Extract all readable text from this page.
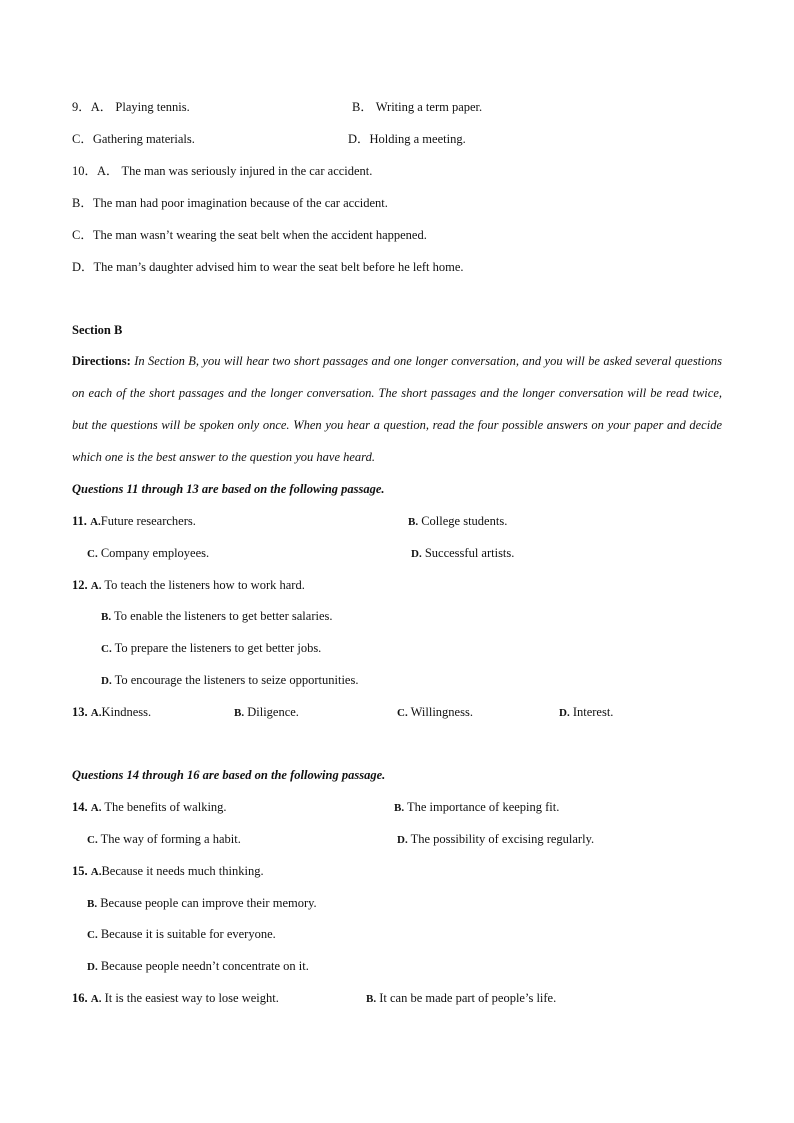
9．A． Playing tennis.	B． Writing a term paper.
C．Gathering materials.	D．Holding a meeting.
10．A． The man was seriously injured in the car accident.
B．The man had poor imagination because of the car accident.
C．The man wasn’t wearing the seat belt when the accident happened.
D．The man’s daughter advised him to wear the seat belt before he left home.
Section B
Directions: In Section B, you will hear two short passages and one longer conversation, and you will be asked several questions on each of the short passages and the longer conversation. The short passages and the longer conversation will be read twice, but the questions will be spoken only once. When you hear a question, read the four possible answers on your paper and decide which one is the best answer to the question you have heard.
Questions 11 through 13 are based on the following passage.
11. A.Future researchers.	B. College students.
C. Company employees.	D. Successful artists.
12. A. To teach the listeners how to work hard.
B. To enable the listeners to get better salaries.
C. To prepare the listeners to get better jobs.
D. To encourage the listeners to seize opportunities.
13. A.Kindness.	B. Diligence.	C. Willingness.	D. Interest.
Questions 14 through 16 are based on the following passage.
14. A. The benefits of walking.	B. The importance of keeping fit.
C. The way of forming a habit.	D. The possibility of excising regularly.
15. A.Because it needs much thinking.
B. Because people can improve their memory.
C. Because it is suitable for everyone.
D. Because people needn’t concentrate on it.
16. A. It is the easiest way to lose weight.	B. It can be made part of people’s life.
